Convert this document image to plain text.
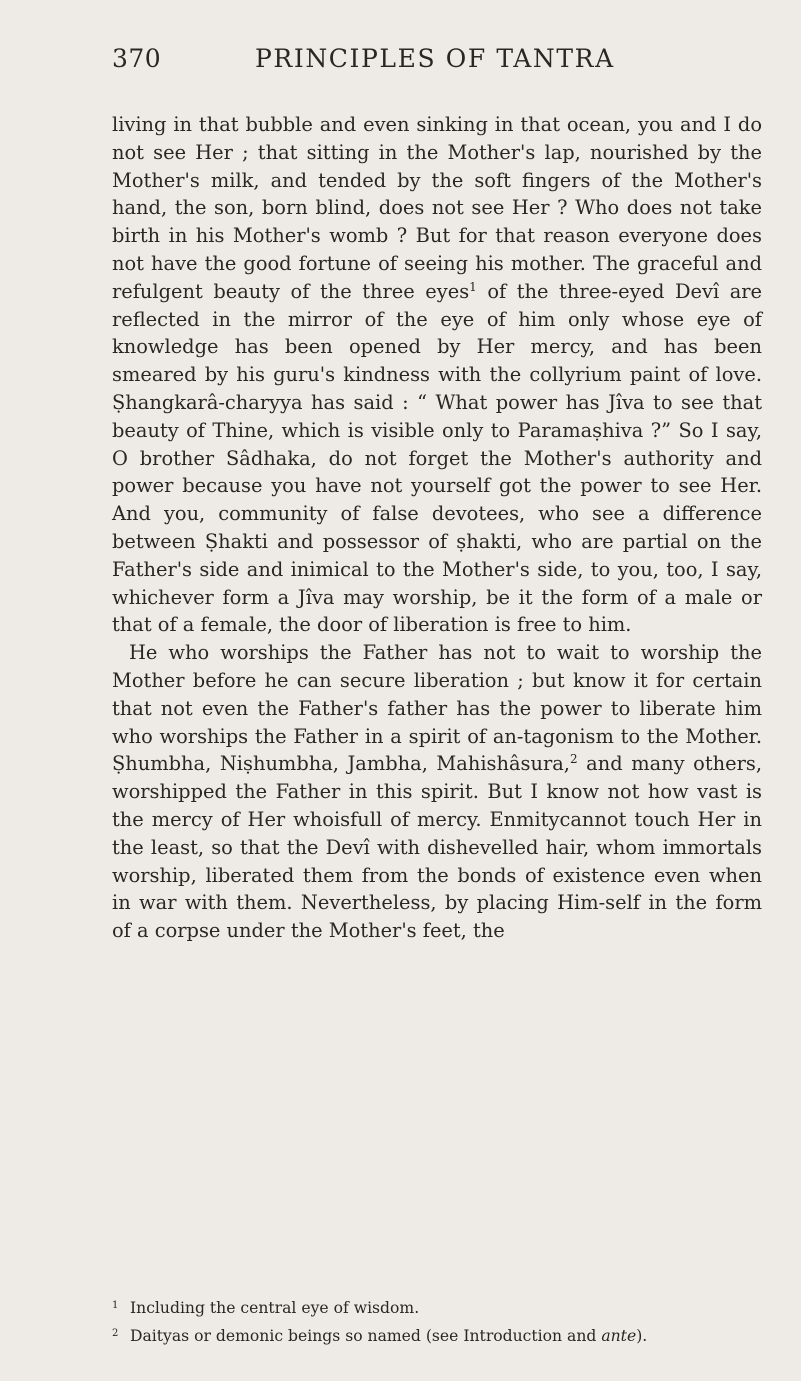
370	PRINCIPLES OF TANTRA

living in that bubble and even sinking in that ocean, you and I do not see Her ; that sitting in the Mother's lap, nourished by the Mother's milk, and tended by the soft fingers of the Mother's hand, the son, born blind, does not see Her ? Who does not take birth in his Mother's womb ? But for that reason everyone does not have the good fortune of seeing his mother. The graceful and refulgent beauty of the three eyes$^1$ of the three-eyed Devî are reflected in the mirror of the eye of him only whose eye of knowledge has been opened by Her mercy, and has been smeared by his guru's kindness with the collyrium paint of love. Ṣhangkarâ-charyya has said : “ What power has Jîva to see that beauty of Thine, which is visible only to Paramaṣhiva ?” So I say, O brother Sâdhaka, do not forget the Mother's authority and power because you have not yourself got the power to see Her. And you, community of false devotees, who see a difference between Ṣhakti and possessor of ṣhakti, who are partial on the Father's side and inimical to the Mother's side, to you, too, I say, whichever form a Jîva may worship, be it the form of a male or that of a female, the door of liberation is free to him.

He who worships the Father has not to wait to worship the Mother before he can secure liberation ; but know it for certain that not even the Father's father has the power to liberate him who worships the Father in a spirit of an-tagonism to the Mother. Ṣhumbha, Niṣhumbha, Jambha, Mahishâsura,$^2$ and many others, worshipped the Father in this spirit. But I know not how vast is the mercy of Her whoisfull of mercy. Enmitycannot touch Her in the least, so that the Devî with dishevelled hair, whom immortals worship, liberated them from the bonds of existence even when in war with them. Nevertheless, by placing Him-self in the form of a corpse under the Mother's feet, the

1 Including the central eye of wisdom.
2 Daityas or demonic beings so named (see Introduction and ante).
